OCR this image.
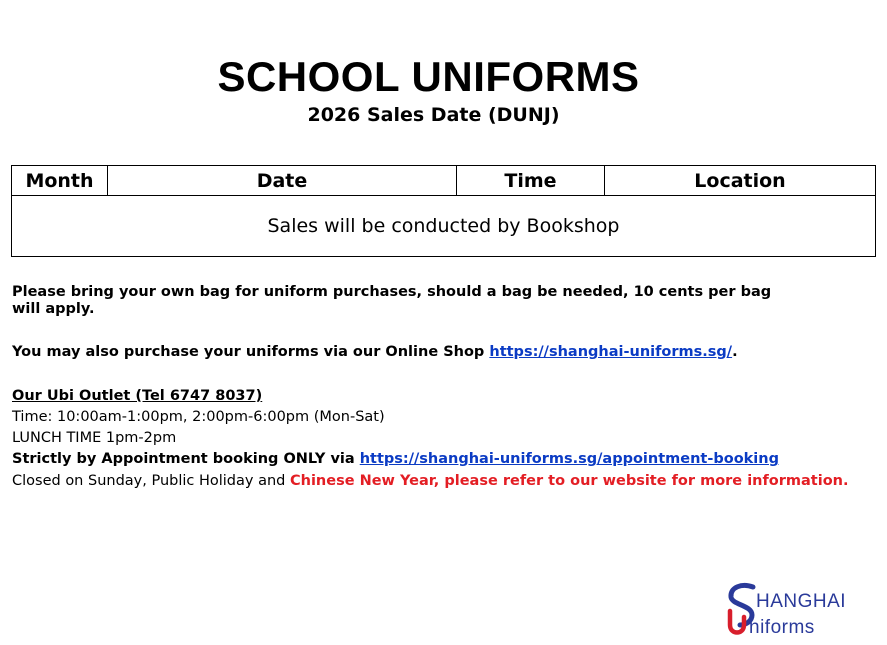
SCHOOL UNIFORMS
2026 Sales Date (DUNJ)
Month	Date	Time	Location
Sales will be conducted by Bookshop
Please bring your own bag for uniform purchases, should a bag be needed, 10 cents per bag will apply.
You may also purchase your uniforms via our Online Shop https://shanghai-uniforms.sg/.
Our Ubi Outlet (Tel 6747 8037)
Time: 10:00am-1:00pm, 2:00pm-6:00pm (Mon-Sat)
LUNCH TIME 1pm-2pm
Strictly by Appointment booking ONLY via https://shanghai-uniforms.sg/appointment-booking
Closed on Sunday, Public Holiday and Chinese New Year, please refer to our website for more information.
HANGHAI
niforms
